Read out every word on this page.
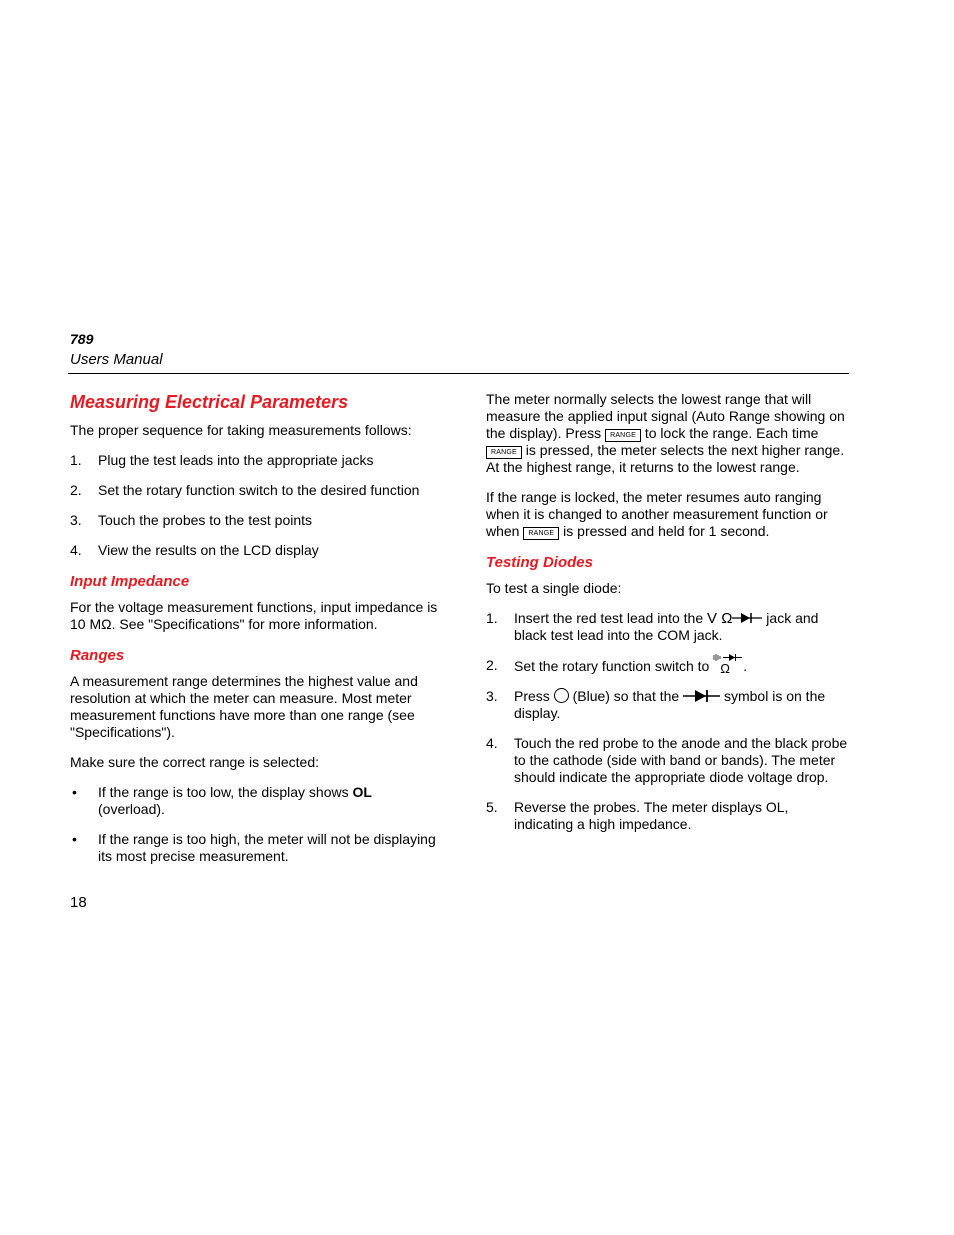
789
Users Manual
Measuring Electrical Parameters

The proper sequence for taking measurements follows:

1. Plug the test leads into the appropriate jacks
2. Set the rotary function switch to the desired function
3. Touch the probes to the test points
4. View the results on the LCD display
Input Impedance

For the voltage measurement functions, input impedance is 10 MΩ. See "Specifications" for more information.

Ranges

A measurement range determines the highest value and resolution at which the meter can measure. Most meter measurement functions have more than one range (see "Specifications").

Make sure the correct range is selected:

• If the range is too low, the display shows OL (overload).
• If the range is too high, the meter will not be displaying its most precise measurement.

The meter normally selects the lowest range that will measure the applied input signal (Auto Range showing on the display). Press RANGE to lock the range. Each time
RANGE is pressed, the meter selects the next higher range. At the highest range, it returns to the lowest range.

If the range is locked, the meter resumes auto ranging when it is changed to another measurement function or when RANGE is pressed and held for 1 second.

Testing Diodes

To test a single diode:

1. Insert the red test lead into the V Ω jack and black test lead into the COM jack.
2. Set the rotary function switch to Ω .
3. Press  (Blue) so that the	symbol is on the display.
4. Touch the red probe to the anode and the black probe to the cathode (side with band or bands). The meter should indicate the appropriate diode voltage drop.
5. Reverse the probes. The meter displays OL, indicating a high impedance.
18
